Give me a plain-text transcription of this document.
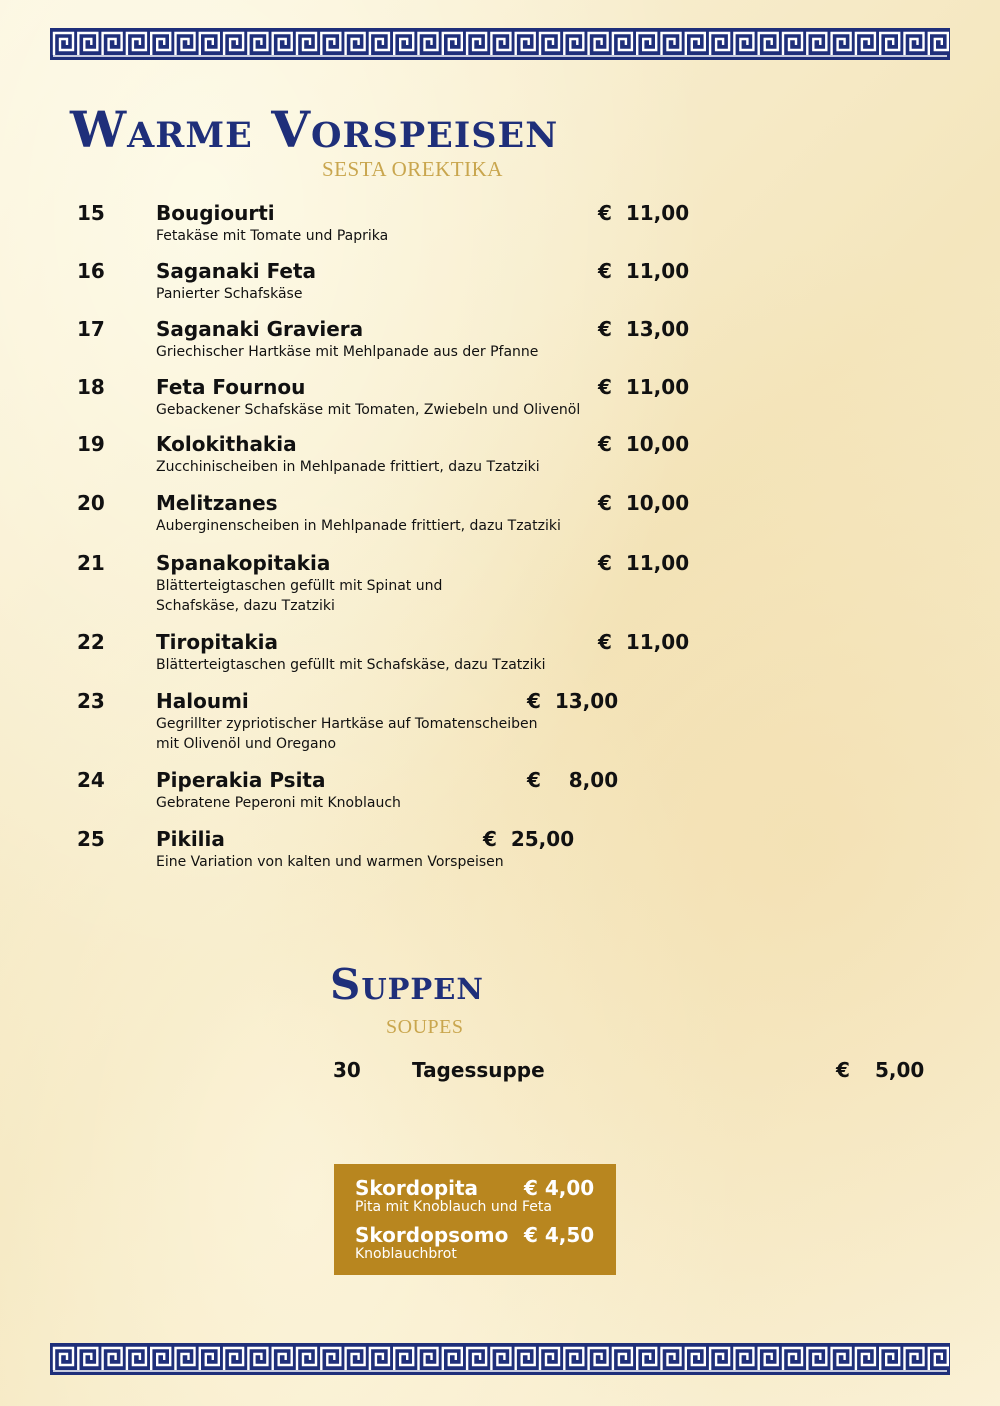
Warme Vorspeisen
SESTA OREKTIKA
15	Bougiourti	€  11,00
Fetakäse mit Tomate und Paprika
16	Saganaki Feta	€  11,00
Panierter Schafskäse
17	Saganaki Graviera	€  13,00
Griechischer Hartkäse mit Mehlpanade aus der Pfanne
18	Feta Fournou	€  11,00
Gebackener Schafskäse mit Tomaten, Zwiebeln und Olivenöl
19	Kolokithakia	€  10,00
Zucchinischeiben in Mehlpanade frittiert, dazu Tzatziki
20	Melitzanes	€  10,00
Auberginenscheiben in Mehlpanade frittiert, dazu Tzatziki
21	Spanakopitakia	€  11,00
Blätterteigtaschen gefüllt mit Spinat und
Schafskäse, dazu Tzatziki
22	Tiropitakia	€  11,00
Blätterteigtaschen gefüllt mit Schafskäse, dazu Tzatziki
23	Haloumi	€  13,00
Gegrillter zypriotischer Hartkäse auf Tomatenscheiben
mit Olivenöl und Oregano
24	Piperakia Psita	€    8,00
Gebratene Peperoni mit Knoblauch
25	Pikilia	€  25,00
Eine Variation von kalten und warmen Vorspeisen
Suppen
SOUPES
30	Tagessuppe	€ 5,00
Skordopita € 4,00
Pita mit Knoblauch und Feta
Skordopsomo € 4,50
Knoblauchbrot
